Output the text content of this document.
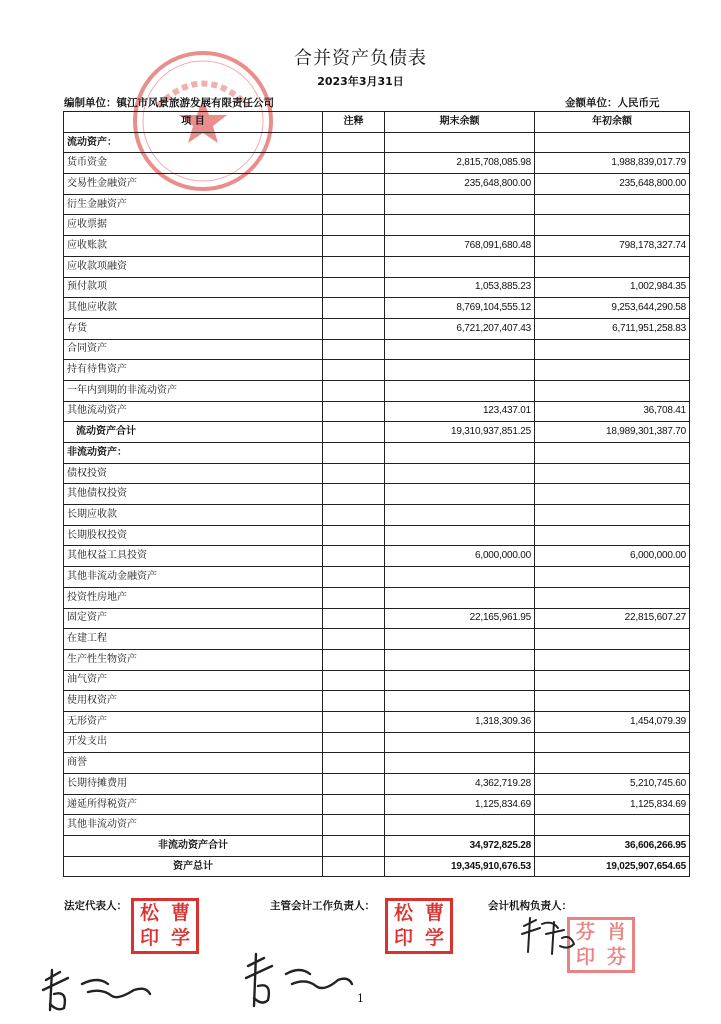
合并资产负债表
2023年3月31日
编制单位：镇江市风景旅游发展有限责任公司	金额单位：人民币元
项 目	注释	期末余额	年初余额
流动资产：			
货币资金		2,815,708,085.98	1,988,839,017.79
交易性金融资产		235,648,800.00	235,648,800.00
衍生金融资产			
应收票据			
应收账款		768,091,680.48	798,178,327.74
应收款项融资			
预付款项		1,053,885.23	1,002,984.35
其他应收款		8,769,104,555.12	9,253,644,290.58
存货		6,721,207,407.43	6,711,951,258.83
合同资产			
持有待售资产			
一年内到期的非流动资产			
其他流动资产		123,437.01	36,708.41
流动资产合计		19,310,937,851.25	18,989,301,387.70
非流动资产：			
债权投资			
其他债权投资			
长期应收款			
长期股权投资			
其他权益工具投资		6,000,000.00	6,000,000.00
其他非流动金融资产			
投资性房地产			
固定资产		22,165,961.95	22,815,607.27
在建工程			
生产性生物资产			
油气资产			
使用权资产			
无形资产		1,318,309.36	1,454,079.39
开发支出			
商誉			
长期待摊费用		4,362,719.28	5,210,745.60
递延所得税资产		1,125,834.69	1,125,834.69
其他非流动资产			
非流动资产合计		34,972,825.28	36,606,266.95
资产总计		19,345,910,676.53	19,025,907,654.65
法定代表人：	主管会计工作负责人：	会计机构负责人：
松 曹
印 学
松 曹
印 学	芬 肖
印 芬
1
